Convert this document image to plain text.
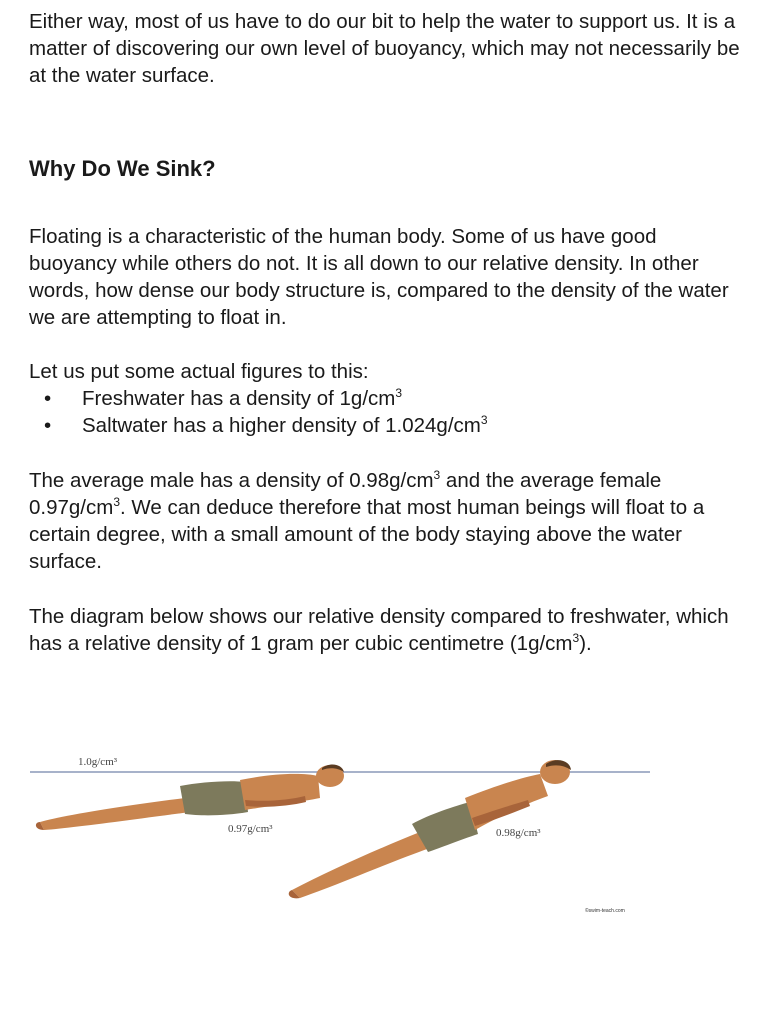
Either way, most of us have to do our bit to help the water to support us. It is a matter of discovering our own level of buoyancy, which may not necessarily be at the water surface.

Why Do We Sink?

Floating is a characteristic of the human body. Some of us have good buoyancy while others do not. It is all down to our relative density. In other words, how dense our body structure is, compared to the density of the water we are attempting to float in.

Let us put some actual figures to this:

• Freshwater has a density of $1g/cm^3$
• Saltwater has a higher density of $1.024g/cm^3$

The average male has a density of $0.98g/cm^3$ and the average female $0.97g/cm^3$. We can deduce therefore that most human beings will float to a certain degree, with a small amount of the body staying above the water surface.

The diagram below shows our relative density compared to freshwater, which has a relative density of 1 gram per cubic centimetre $(1g/cm^3)$.

1.0g/cm³
0.97g/cm³	0.98g/cm³
©swim-teach.com
